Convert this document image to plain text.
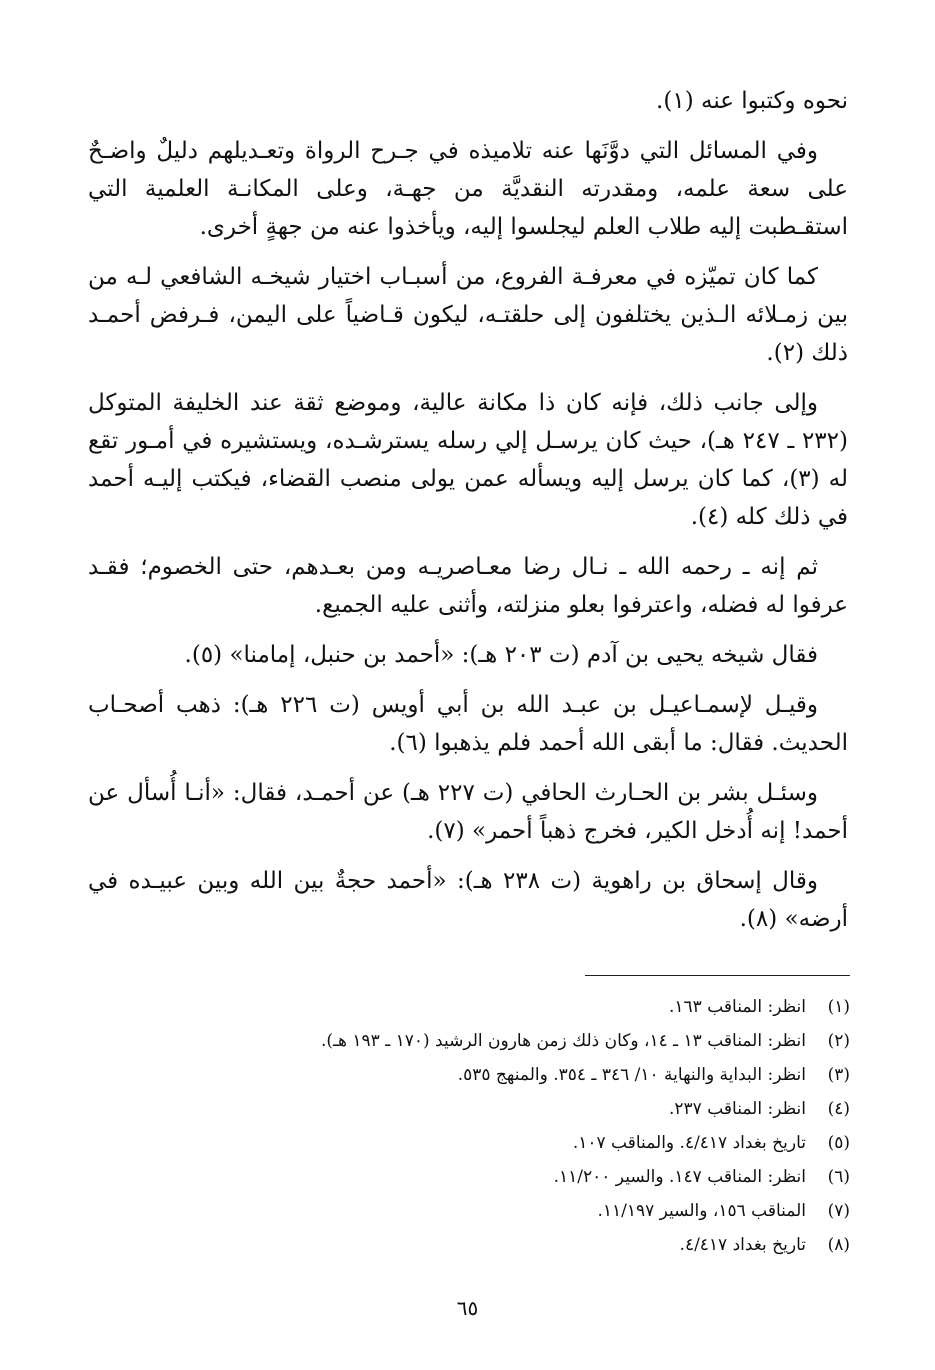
نحوه وكتبوا عنه (١).

وفي المسائل التي دوَّنَها عنه تلاميذه في جـرح الرواة وتعـديلهم دليلٌ واضـحٌ على سعة علمه، ومقدرته النقديَّة من جهـة، وعلى المكانـة العلمية التي استقـطبت إليه طلاب العلم ليجلسوا إليه، ويأخذوا عنه من جهةٍ أخرى.

كما كان تميّزه في معرفـة الفروع، من أسبـاب اختيار شيخـه الشافعي لـه من بين زمـلائه الـذين يختلفون إلى حلقتـه، ليكون قـاضياً على اليمن، فـرفض أحمـد ذلك (٢).

وإلى جانب ذلك، فإنه كان ذا مكانة عالية، وموضع ثقة عند الخليفة المتوكل (٢٣٢ ـ ٢٤٧ هـ)، حيث كان يرسـل إلي رسله يسترشـده، ويستشيره في أمـور تقع له (٣)، كما كان يرسل إليه ويسأله عمن يولى منصب القضاء، فيكتب إليـه أحمد في ذلك كله (٤).

ثم إنه ـ رحمه الله ـ نـال رضا معـاصريـه ومن بعـدهم، حتى الخصوم؛ فقـد عرفوا له فضله، واعترفوا بعلو منزلته، وأثنى عليه الجميع.

فقال شيخه يحيى بن آدم (ت ٢٠٣ هـ): «أحمد بن حنبل، إمامنا» (٥).

وقيـل لإسمـاعيـل بن عبـد الله بن أبي أويس (ت ٢٢٦ هـ): ذهب أصحـاب الحديث. فقال: ما أبقى الله أحمد فلم يذهبوا (٦).

وسئـل بشر بن الحـارث الحافي (ت ٢٢٧ هـ) عن أحمـد، فقال: «أنـا أُسأل عن أحمد! إنه أُدخل الكير، فخرج ذهباً أحمر» (٧).

وقال إسحاق بن راهوية (ت ٢٣٨ هـ): «أحمد حجةٌ بين الله وبين عبيـده في أرضه» (٨).

(١)
انظر: المناقب ١٦٣.
(٢)
انظر: المناقب ١٣ ـ ١٤، وكان ذلك زمن هارون الرشيد (١٧٠ ـ ١٩٣ هـ).
(٣)
انظر: البداية والنهاية ١٠/ ٣٤٦ ـ ٣٥٤. والمنهج ٥٣٥.
(٤)
انظر: المناقب ٢٣٧.
(٥)
تاريخ بغداد ٤/٤١٧. والمناقب ١٠٧.
(٦)
انظر: المناقب ١٤٧. والسير ١١/٢٠٠.
(٧)
المناقب ١٥٦، والسير ١١/١٩٧.
(٨)
تاريخ بغداد ٤/٤١٧.
٦٥
